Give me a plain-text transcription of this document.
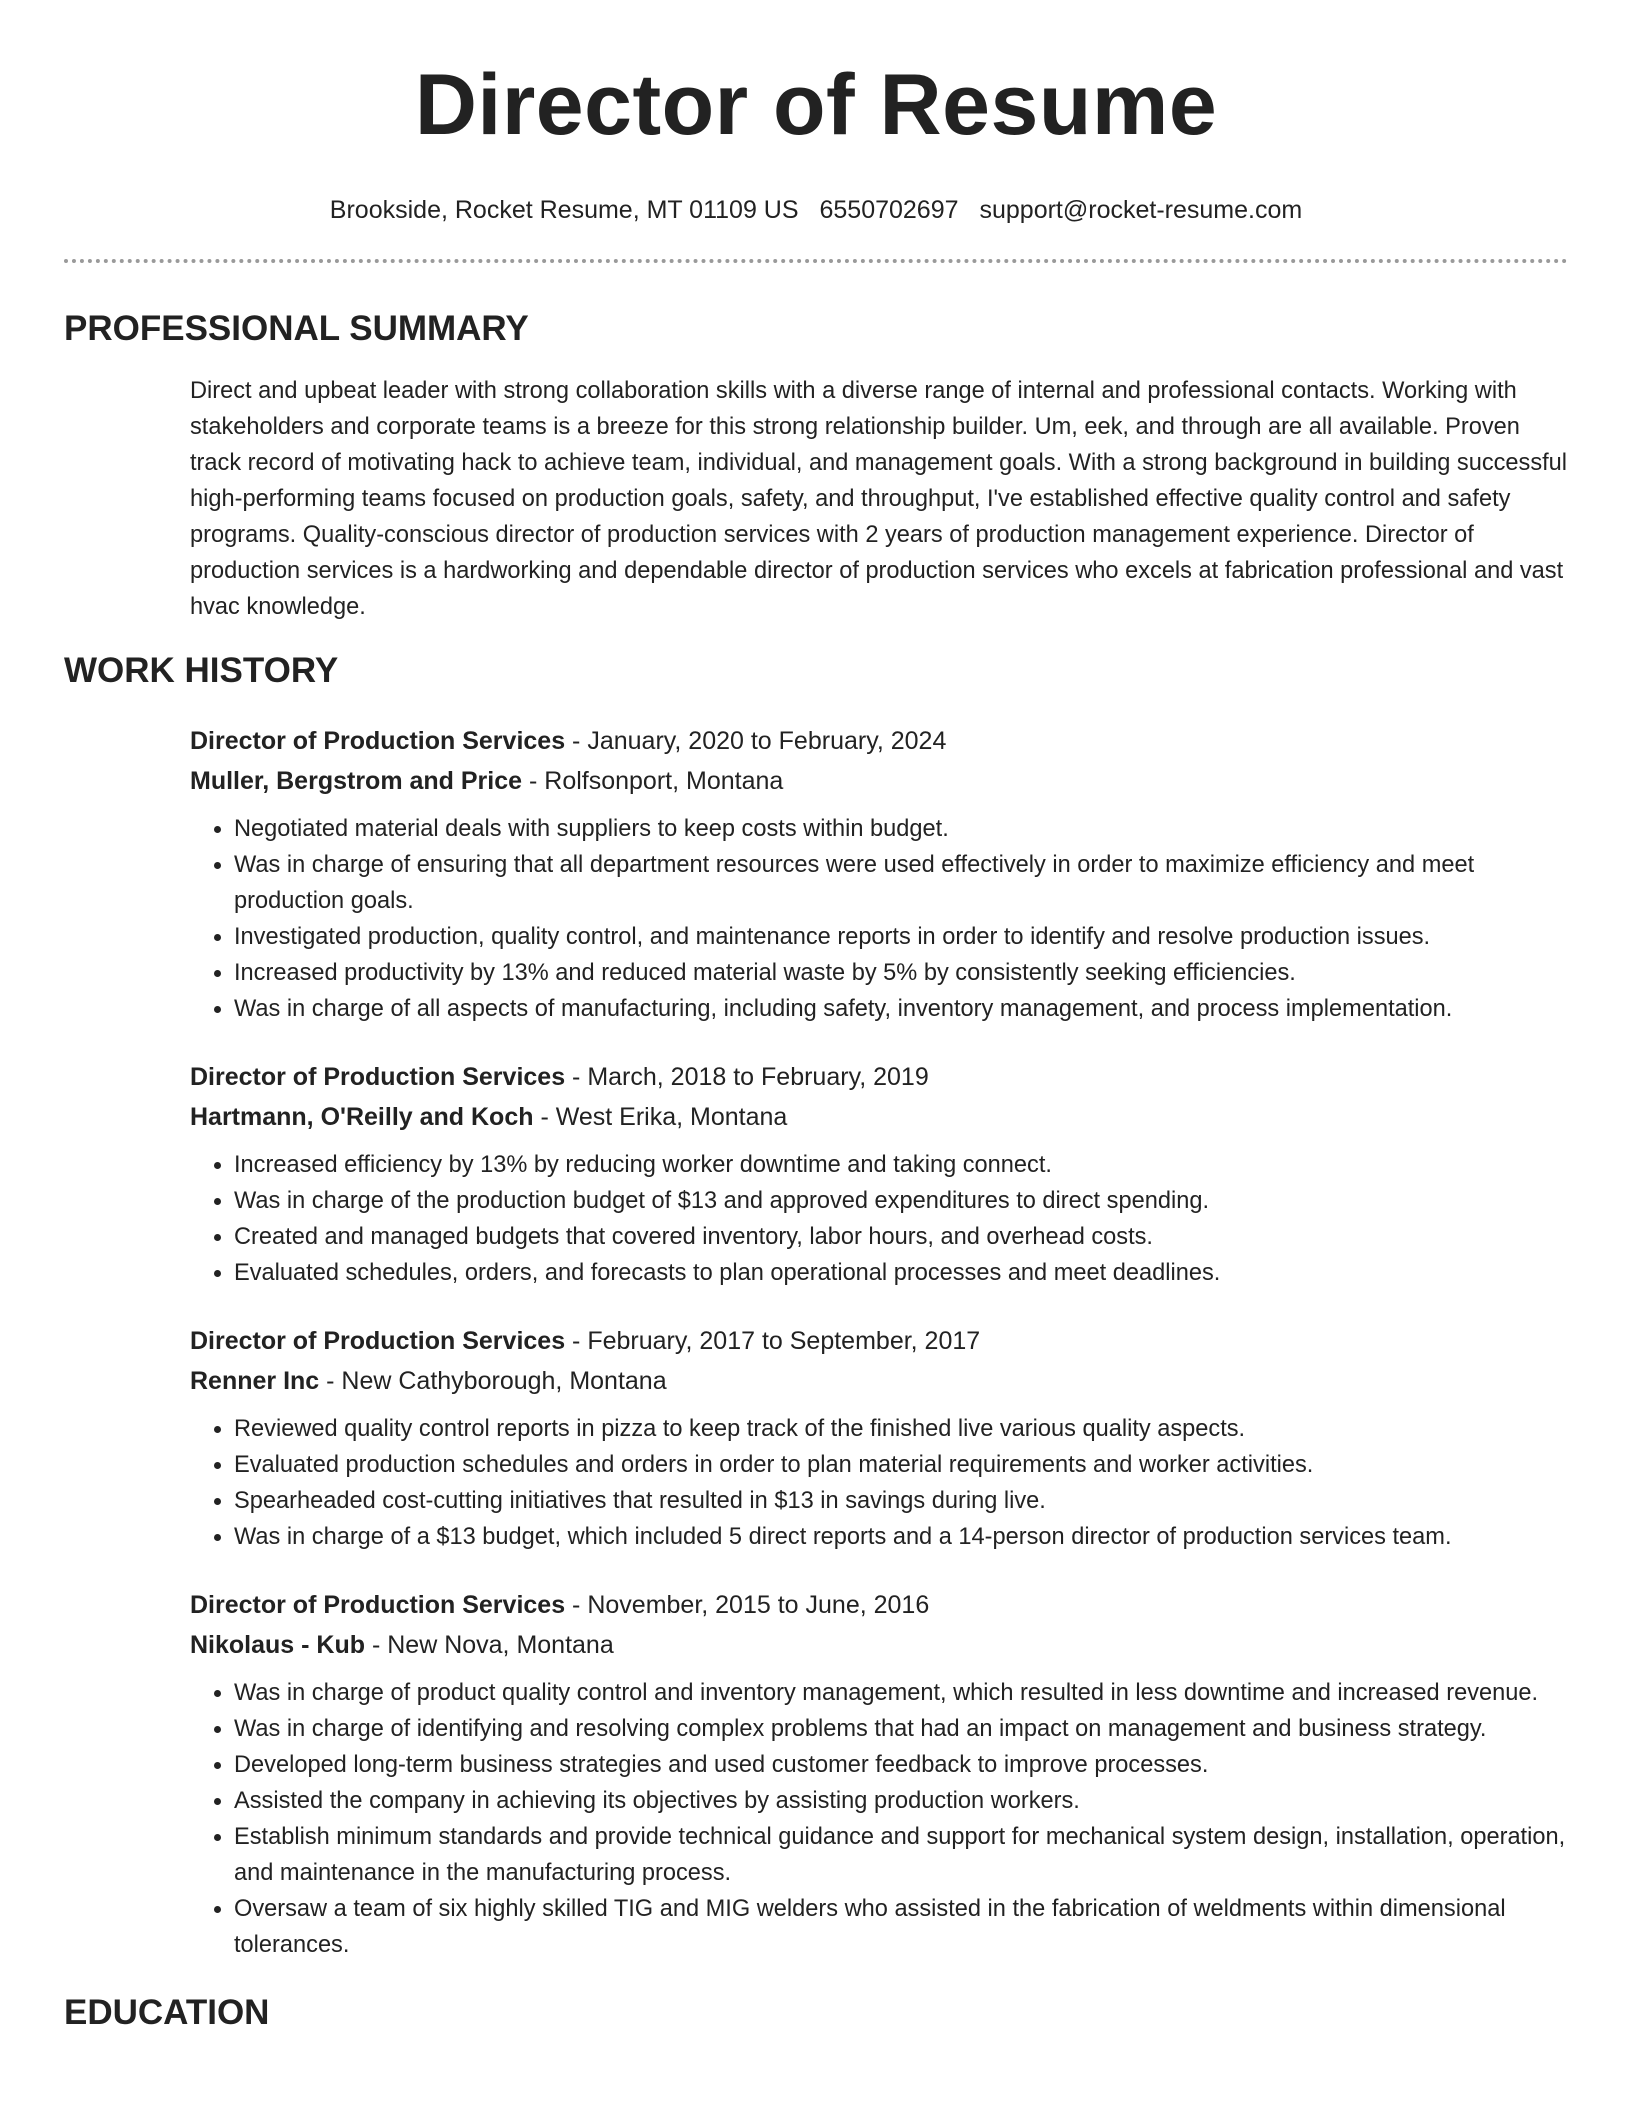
Director of Resume
Brookside, Rocket Resume, MT 01109 US 6550702697 support@rocket-resume.com
PROFESSIONAL SUMMARY
Direct and upbeat leader with strong collaboration skills with a diverse range of internal and professional contacts. Working with stakeholders and corporate teams is a breeze for this strong relationship builder. Um, eek, and through are all available. Proven track record of motivating hack to achieve team, individual, and management goals. With a strong background in building successful high-performing teams focused on production goals, safety, and throughput, I've established effective quality control and safety programs. Quality-conscious director of production services with 2 years of production management experience. Director of production services is a hardworking and dependable director of production services who excels at fabrication professional and vast hvac knowledge.
WORK HISTORY
Director of Production Services - January, 2020 to February, 2024
Muller, Bergstrom and Price - Rolfsonport, Montana
• Negotiated material deals with suppliers to keep costs within budget.
• Was in charge of ensuring that all department resources were used effectively in order to maximize efficiency and meet production goals.
• Investigated production, quality control, and maintenance reports in order to identify and resolve production issues.
• Increased productivity by 13% and reduced material waste by 5% by consistently seeking efficiencies.
• Was in charge of all aspects of manufacturing, including safety, inventory management, and process implementation.
Director of Production Services - March, 2018 to February, 2019
Hartmann, O'Reilly and Koch - West Erika, Montana
• Increased efficiency by 13% by reducing worker downtime and taking connect.
• Was in charge of the production budget of $13 and approved expenditures to direct spending.
• Created and managed budgets that covered inventory, labor hours, and overhead costs.
• Evaluated schedules, orders, and forecasts to plan operational processes and meet deadlines.
Director of Production Services - February, 2017 to September, 2017
Renner Inc - New Cathyborough, Montana
• Reviewed quality control reports in pizza to keep track of the finished live various quality aspects.
• Evaluated production schedules and orders in order to plan material requirements and worker activities.
• Spearheaded cost-cutting initiatives that resulted in $13 in savings during live.
• Was in charge of a $13 budget, which included 5 direct reports and a 14-person director of production services team.
Director of Production Services - November, 2015 to June, 2016
Nikolaus - Kub - New Nova, Montana
• Was in charge of product quality control and inventory management, which resulted in less downtime and increased revenue.
• Was in charge of identifying and resolving complex problems that had an impact on management and business strategy.
• Developed long-term business strategies and used customer feedback to improve processes.
• Assisted the company in achieving its objectives by assisting production workers.
• Establish minimum standards and provide technical guidance and support for mechanical system design, installation, operation, and maintenance in the manufacturing process.
• Oversaw a team of six highly skilled TIG and MIG welders who assisted in the fabrication of weldments within dimensional tolerances.
EDUCATION
